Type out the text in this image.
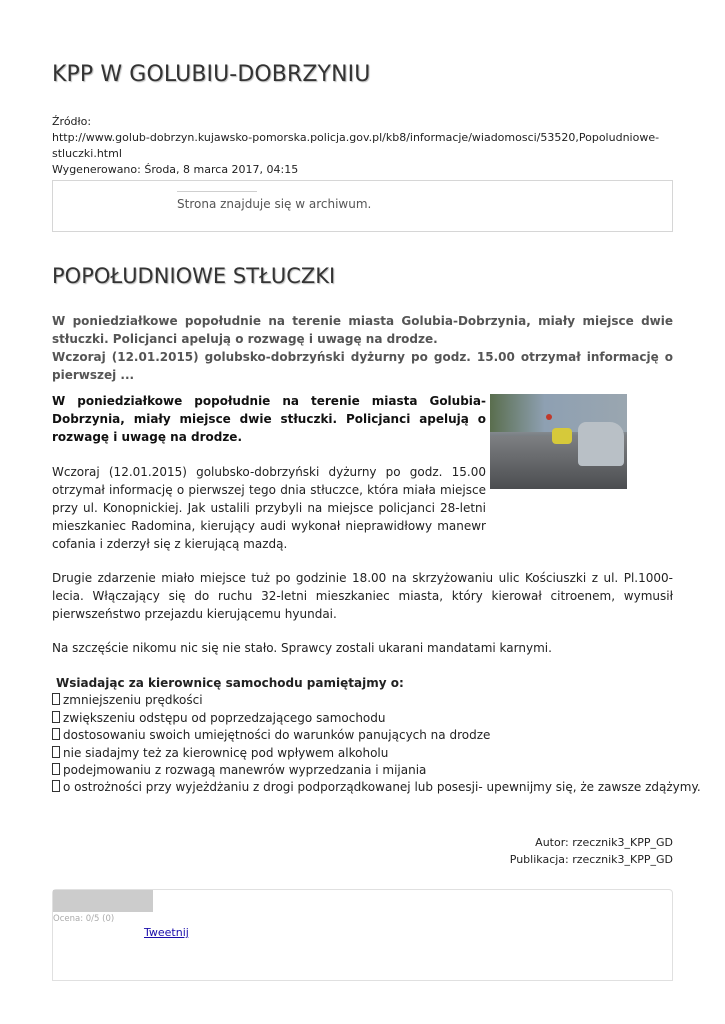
KPP W GOLUBIU-DOBRZYNIU
Źródło:
http://www.golub-dobrzyn.kujawsko-pomorska.policja.gov.pl/kb8/informacje/wiadomosci/53520,Popoludniowe-stluczki.html
Wygenerowano: Środa, 8 marca 2017, 04:15
Strona znajduje się w archiwum.
POPOŁUDNIOWE STŁUCZKI

W poniedziałkowe popołudnie na terenie miasta Golubia-Dobrzynia, miały miejsce dwie stłuczki. Policjanci apelują o rozwagę i uwagę na drodze.

Wczoraj (12.01.2015) golubsko-dobrzyński dyżurny po godz. 15.00 otrzymał informację o pierwszej ...

W poniedziałkowe popołudnie na terenie miasta Golubia-Dobrzynia, miały miejsce dwie stłuczki. Policjanci apelują o rozwagę i uwagę na drodze.
Wczoraj (12.01.2015) golubsko-dobrzyński dyżurny po godz. 15.00 otrzymał informację o pierwszej tego dnia stłuczce, która miała miejsce przy ul. Konopnickiej. Jak ustalili przybyli na miejsce policjanci 28-letni mieszkaniec Radomina, kierujący audi wykonał nieprawidłowy manewr cofania i zderzył się z kierującą mazdą.
Drugie zdarzenie miało miejsce tuż po godzinie 18.00 na skrzyżowaniu ulic Kościuszki z ul. Pl.1000-lecia. Włączający się do ruchu 32-letni mieszkaniec miasta, który kierował citroenem, wymusił pierwszeństwo przejazdu kierującemu hyundai.
Na szczęście nikomu nic się nie stało. Sprawcy zostali ukarani mandatami karnymi.
Wsiadając za kierownicę samochodu pamiętajmy o:
zmniejszeniu prędkości
zwiększeniu odstępu od poprzedzającego samochodu
dostosowaniu swoich umiejętności do warunków panujących na drodze
nie siadajmy też za kierownicę pod wpływem alkoholu
podejmowaniu z rozwagą manewrów wyprzedzania i mijania
o ostrożności przy wyjeżdżaniu z drogi podporządkowanej lub posesji- upewnijmy się, że zawsze zdążymy.
Autor: rzecznik3_KPP_GD
Publikacja: rzecznik3_KPP_GD
Ocena: 0/5 (0)
Tweetnij
